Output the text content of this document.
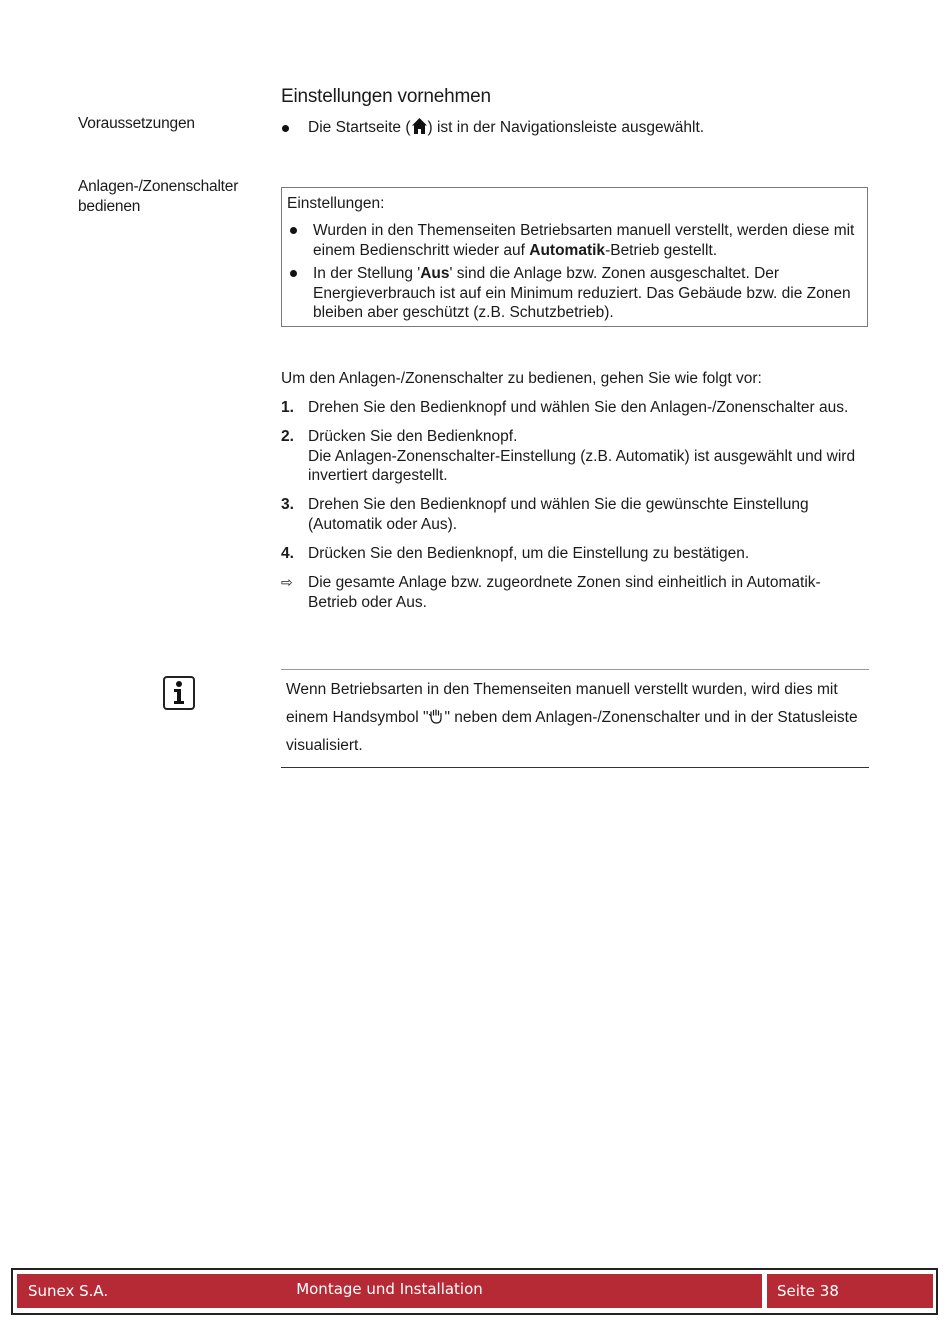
Einstellungen vornehmen
Voraussetzungen	Die Startseite ( ) ist in der Navigationsleiste ausgewählt.
Anlagen-/Zonenschalter
bedienen	Einstellungen:
Wurden in den Themenseiten Betriebsarten manuell verstellt, werden diese mit einem Bedienschritt wieder auf Automatik-Betrieb gestellt.
In der Stellung 'Aus' sind die Anlage bzw. Zonen ausgeschaltet. Der Energieverbrauch ist auf ein Minimum reduziert. Das Gebäude bzw. die Zonen bleiben aber geschützt (z.B. Schutzbetrieb).
Um den Anlagen-/Zonenschalter zu bedienen, gehen Sie wie folgt vor:
1. Drehen Sie den Bedienknopf und wählen Sie den Anlagen-/Zonenschalter aus.
2. Drücken Sie den Bedienknopf.
Die Anlagen-Zonenschalter-Einstellung (z.B. Automatik) ist ausgewählt und wird invertiert dargestellt.
3. Drehen Sie den Bedienknopf und wählen Sie die gewünschte Einstellung (Automatik oder Aus).
4. Drücken Sie den Bedienknopf, um die Einstellung zu bestätigen.
⇨ Die gesamte Anlage bzw. zugeordnete Zonen sind einheitlich in Automatik-Betrieb oder Aus.
Wenn Betriebsarten in den Themenseiten manuell verstellt wurden, wird dies mit einem Handsymbol " " neben dem Anlagen-/Zonenschalter und in der Statusleiste visualisiert.
Sunex S.A.	Montage und Installation	Seite 38
